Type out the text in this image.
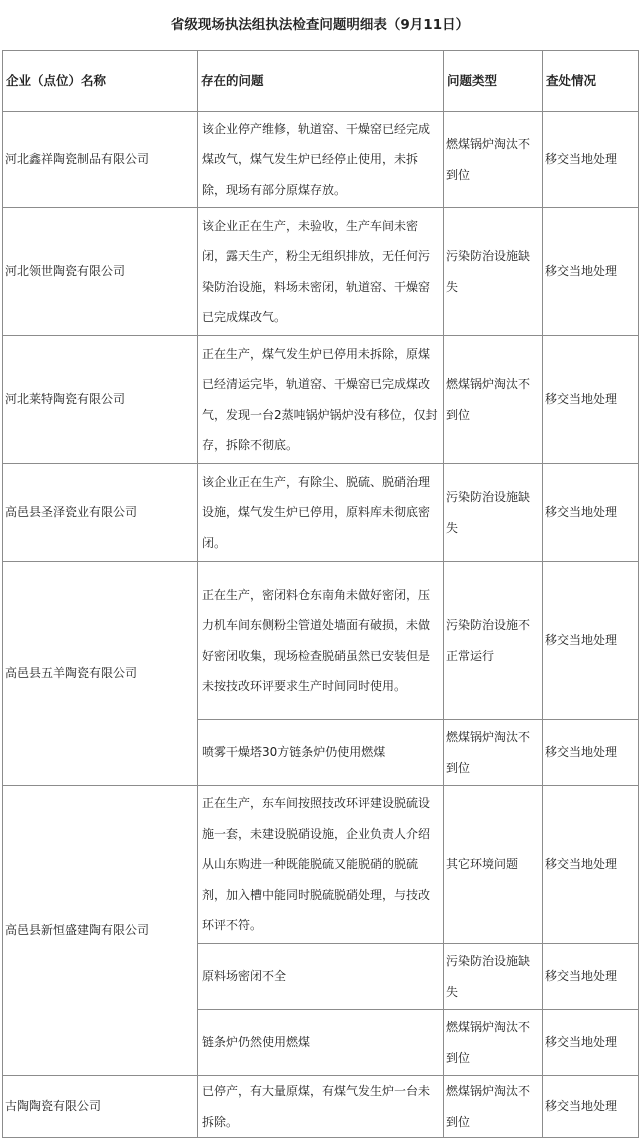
省级现场执法组执法检查问题明细表（9月11日）
企业（点位）名称	存在的问题	问题类型	查处情况
河北鑫祥陶瓷制品有限公司	该企业停产维修，轨道窑、干燥窑已经完成煤改气，煤气发生炉已经停止使用，未拆除，现场有部分原煤存放。	燃煤锅炉淘汰不到位	移交当地处理
河北领世陶瓷有限公司	该企业正在生产，未验收，生产车间未密闭，露天生产，粉尘无组织排放，无任何污染防治设施，料场未密闭，轨道窑、干燥窑已完成煤改气。	污染防治设施缺失	移交当地处理
河北莱特陶瓷有限公司	正在生产，煤气发生炉已停用未拆除，原煤已经清运完毕，轨道窑、干燥窑已完成煤改气，发现一台2蒸吨锅炉锅炉没有移位，仅封存，拆除不彻底。	燃煤锅炉淘汰不到位	移交当地处理
高邑县圣泽瓷业有限公司	该企业正在生产，有除尘、脱硫、脱硝治理设施，煤气发生炉已停用，原料库未彻底密闭。	污染防治设施缺失	移交当地处理
高邑县五羊陶瓷有限公司	正在生产，密闭料仓东南角未做好密闭，压力机车间东侧粉尘管道处墙面有破损，未做好密闭收集，现场检查脱硝虽然已安装但是未按技改环评要求生产时间同时使用。	污染防治设施不正常运行	移交当地处理
	喷雾干燥塔30方链条炉仍使用燃煤	燃煤锅炉淘汰不到位	移交当地处理
高邑县新恒盛建陶有限公司	正在生产，东车间按照技改环评建设脱硫设施一套，未建设脱硝设施，企业负责人介绍从山东购进一种既能脱硫又能脱硝的脱硫剂，加入槽中能同时脱硫脱硝处理，与技改环评不符。	其它环境问题	移交当地处理
	原料场密闭不全	污染防治设施缺失	移交当地处理
	链条炉仍然使用燃煤	燃煤锅炉淘汰不到位	移交当地处理
古陶陶瓷有限公司	已停产，有大量原煤，有煤气发生炉一台未拆除。	燃煤锅炉淘汰不到位	移交当地处理
